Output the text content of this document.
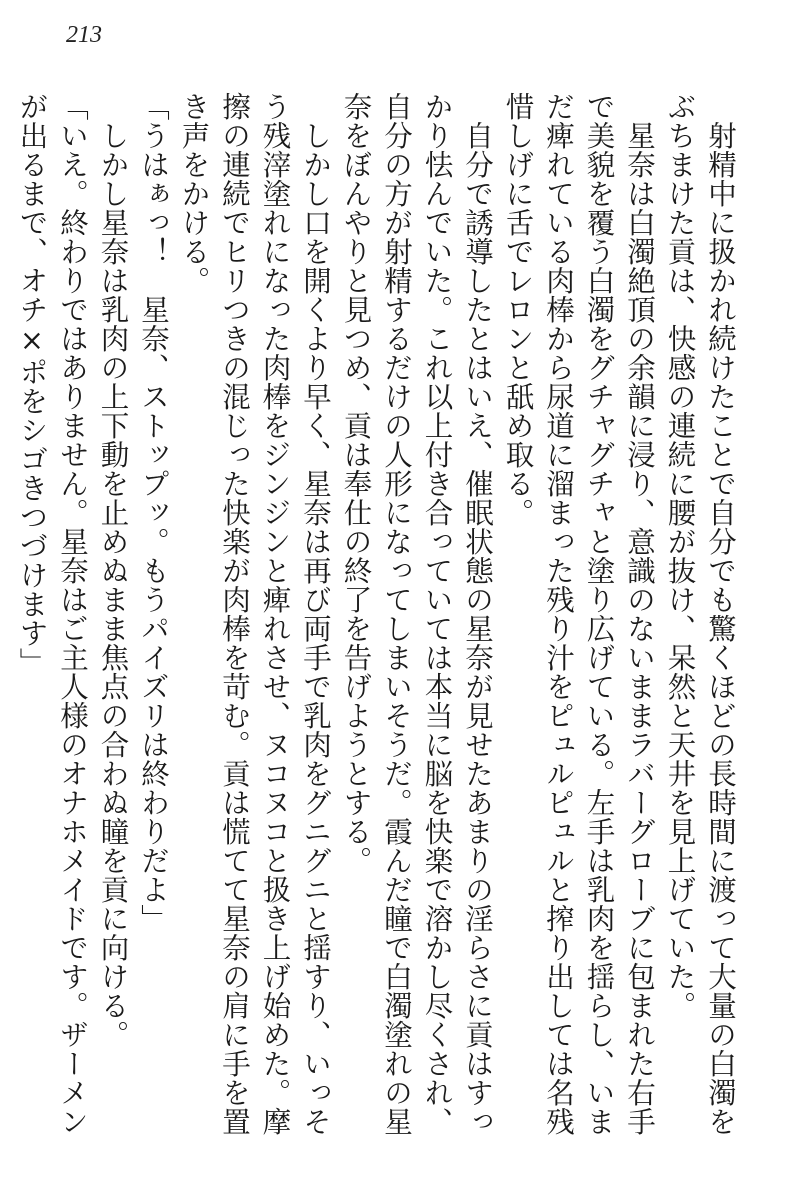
213

射精中に扱かれ続けたことで自分でも驚くほどの長時間に渡って大量の白濁をぶちまけた貢は、快感の連続に腰が抜け、呆然と天井を見上げていた。

星奈は白濁絶頂の余韻に浸り、意識のないままラバーグローブに包まれた右手で美貌を覆う白濁をグチャグチャと塗り広げている。左手は乳肉を揺らし、いまだ痺れている肉棒から尿道に溜まった残り汁をピュルピュルと搾り出しては名残惜しげに舌でレロンと舐め取る。

自分で誘導したとはいえ、催眠状態の星奈が見せたあまりの淫らさに貢はすっかり怯んでいた。これ以上付き合っていては本当に脳を快楽で溶かし尽くされ、自分の方が射精するだけの人形になってしまいそうだ。霞んだ瞳で白濁塗れの星奈をぼんやりと見つめ、貢は奉仕の終了を告げようとする。

しかし口を開くより早く、星奈は再び両手で乳肉をグニグニと揺すり、いっそう残滓塗れになった肉棒をジンジンと痺れさせ、ヌコヌコと扱き上げ始めた。摩擦の連続でヒリつきの混じった快楽が肉棒を苛む。貢は慌てて星奈の肩に手を置き声をかける。

「うはぁっ！　星奈、ストップッ。もうパイズリは終わりだよ」

しかし星奈は乳肉の上下動を止めぬまま焦点の合わぬ瞳を貢に向ける。

「いえ。終わりではありません。星奈はご主人様のオナホメイドです。ザーメンが出るまで、オチ×ポをシゴきつづけます」
